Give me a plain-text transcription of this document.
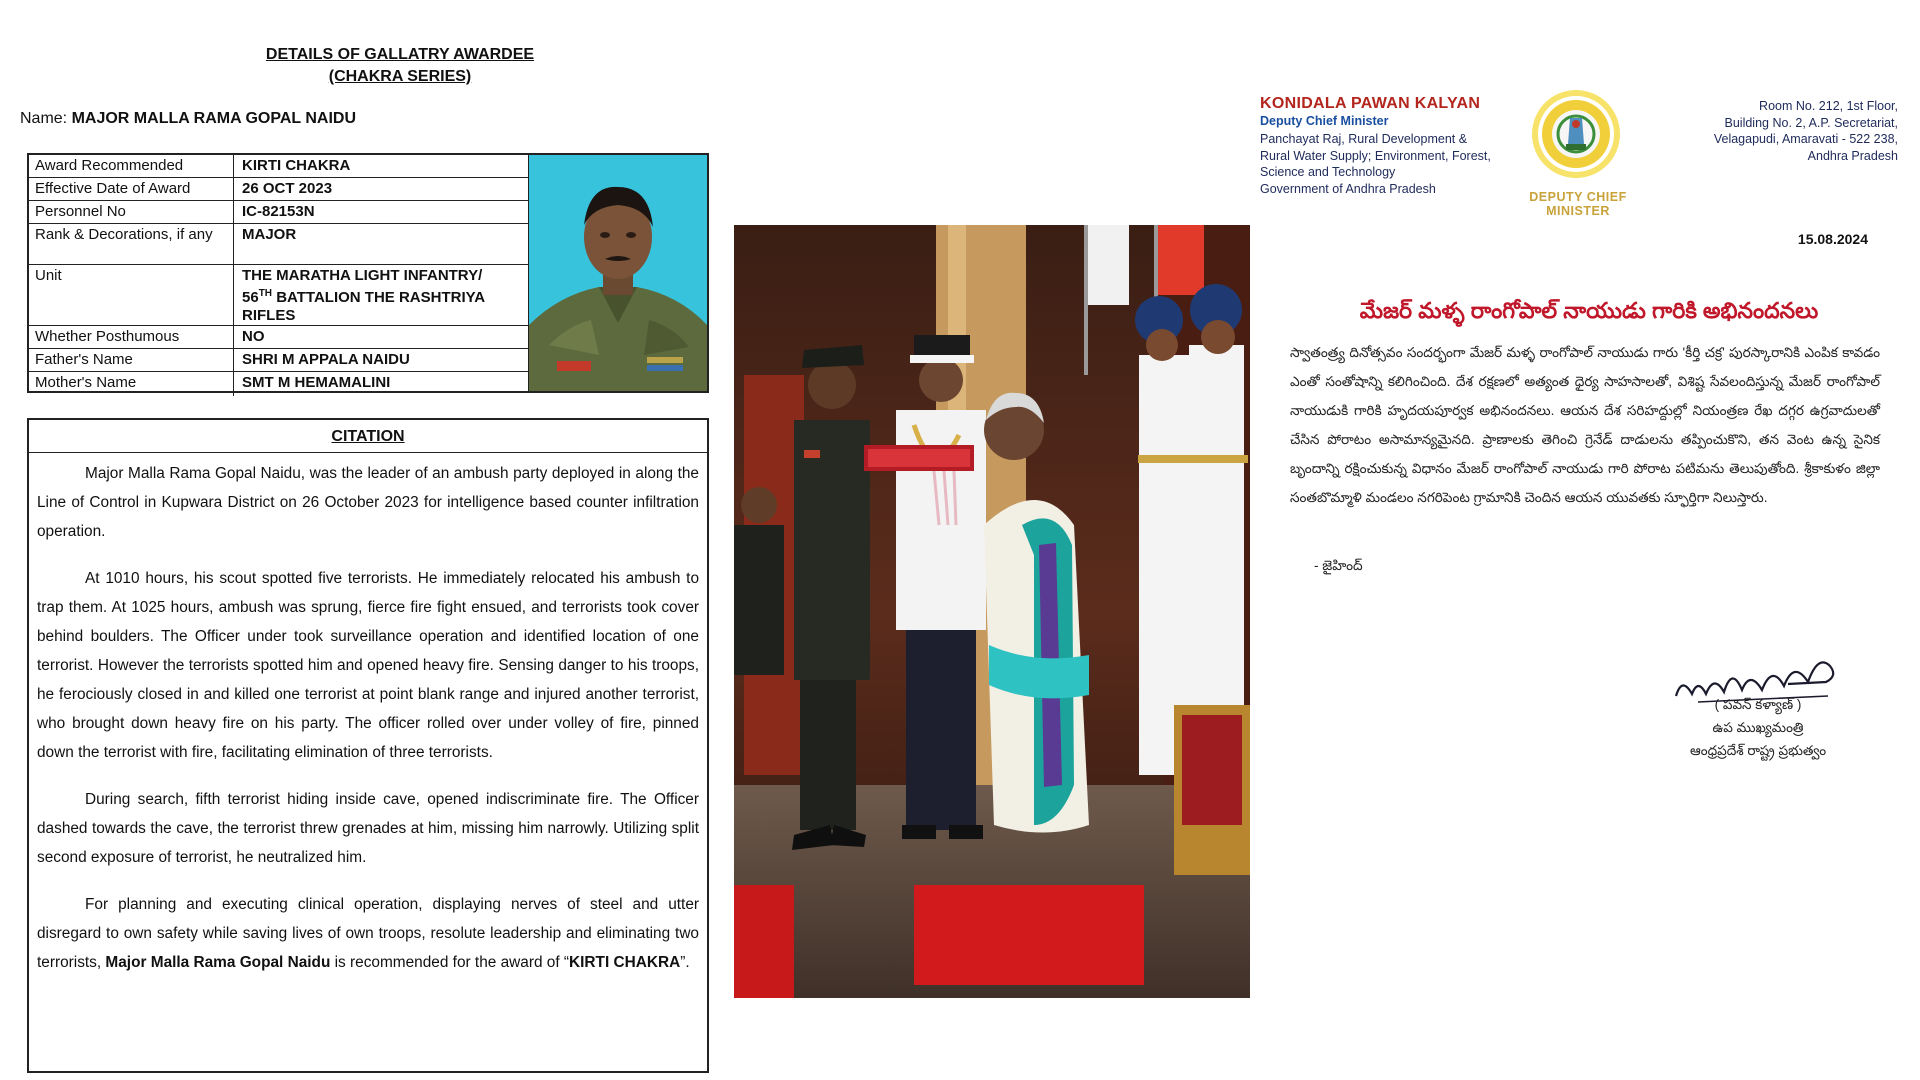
DETAILS OF GALLATRY AWARDEE
(CHAKRA SERIES)
Name: MAJOR MALLA RAMA GOPAL NAIDU
Award Recommended	KIRTI CHAKRA
Effective Date of Award	26 OCT 2023
Personnel No	IC-82153N
Rank & Decorations, if any	MAJOR
Unit	THE MARATHA LIGHT INFANTRY/
56TH BATTALION THE RASHTRIYA
RIFLES
Whether Posthumous	NO
Father's Name	SHRI M APPALA NAIDU
Mother's Name	SMT M HEMAMALINI
CITATION

Major Malla Rama Gopal Naidu, was the leader of an ambush party deployed in along the Line of Control in Kupwara District on 26 October 2023 for intelligence based counter infiltration operation.

At 1010 hours, his scout spotted five terrorists. He immediately relocated his ambush to trap them. At 1025 hours, ambush was sprung, fierce fire fight ensued, and terrorists took cover behind boulders. The Officer under took surveillance operation and identified location of one terrorist. However the terrorists spotted him and opened heavy fire. Sensing danger to his troops, he ferociously closed in and killed one terrorist at point blank range and injured another terrorist, who brought down heavy fire on his party. The officer rolled over under volley of fire, pinned down the terrorist with fire, facilitating elimination of three terrorists.

During search, fifth terrorist hiding inside cave, opened indiscriminate fire. The Officer dashed towards the cave, the terrorist threw grenades at him, missing him narrowly. Utilizing split second exposure of terrorist, he neutralized him.

For planning and executing clinical operation, displaying nerves of steel and utter disregard to own safety while saving lives of own troops, resolute leadership and eliminating two terrorists, Major Malla Rama Gopal Naidu is recommended for the award of “KIRTI CHAKRA”.

KONIDALA PAWAN KALYAN
Deputy Chief Minister
Panchayat Raj, Rural Development & Rural Water Supply; Environment, Forest, Science and Technology
Government of Andhra Pradesh
DEPUTY CHIEF MINISTER
Room No. 212, 1st Floor,
Building No. 2, A.P. Secretariat,
Velagapudi, Amaravati - 522 238,
Andhra Pradesh
15.08.2024
మేజర్ మళ్ళ రాంగోపాల్ నాయుడు గారికి అభినందనలు
స్వాతంత్ర్య దినోత్సవం సందర్భంగా మేజర్ మళ్ళ రాంగోపాల్ నాయుడు గారు 'కీర్తి చక్ర' పురస్కారానికి ఎంపిక కావడం ఎంతో సంతోషాన్ని కలిగించింది. దేశ రక్షణలో అత్యంత ధైర్య సాహసాలతో, విశిష్ట సేవలందిస్తున్న మేజర్ రాంగోపాల్ నాయుడుకి గారికి హృదయపూర్వక అభినందనలు. ఆయన దేశ సరిహద్దుల్లో నియంత్రణ రేఖ దగ్గర ఉగ్రవాదులతో చేసిన పోరాటం అసామాన్యమైనది. ప్రాణాలకు తెగించి గ్రెనేడ్ దాడులను తప్పించుకొని, తన వెంట ఉన్న సైనిక బృందాన్ని రక్షించుకున్న విధానం మేజర్ రాంగోపాల్ నాయుడు గారి పోరాట పటిమను తెలుపుతోంది. శ్రీకాకుళం జిల్లా సంతబొమ్మాళి మండలం నగరిపెంట గ్రామానికి చెందిన ఆయన యువతకు స్ఫూర్తిగా నిలుస్తారు.
- జైహింద్
( పవన్ కళ్యాణ్ )
ఉప ముఖ్యమంత్రి
ఆంధ్రప్రదేశ్ రాష్ట్ర ప్రభుత్వం
